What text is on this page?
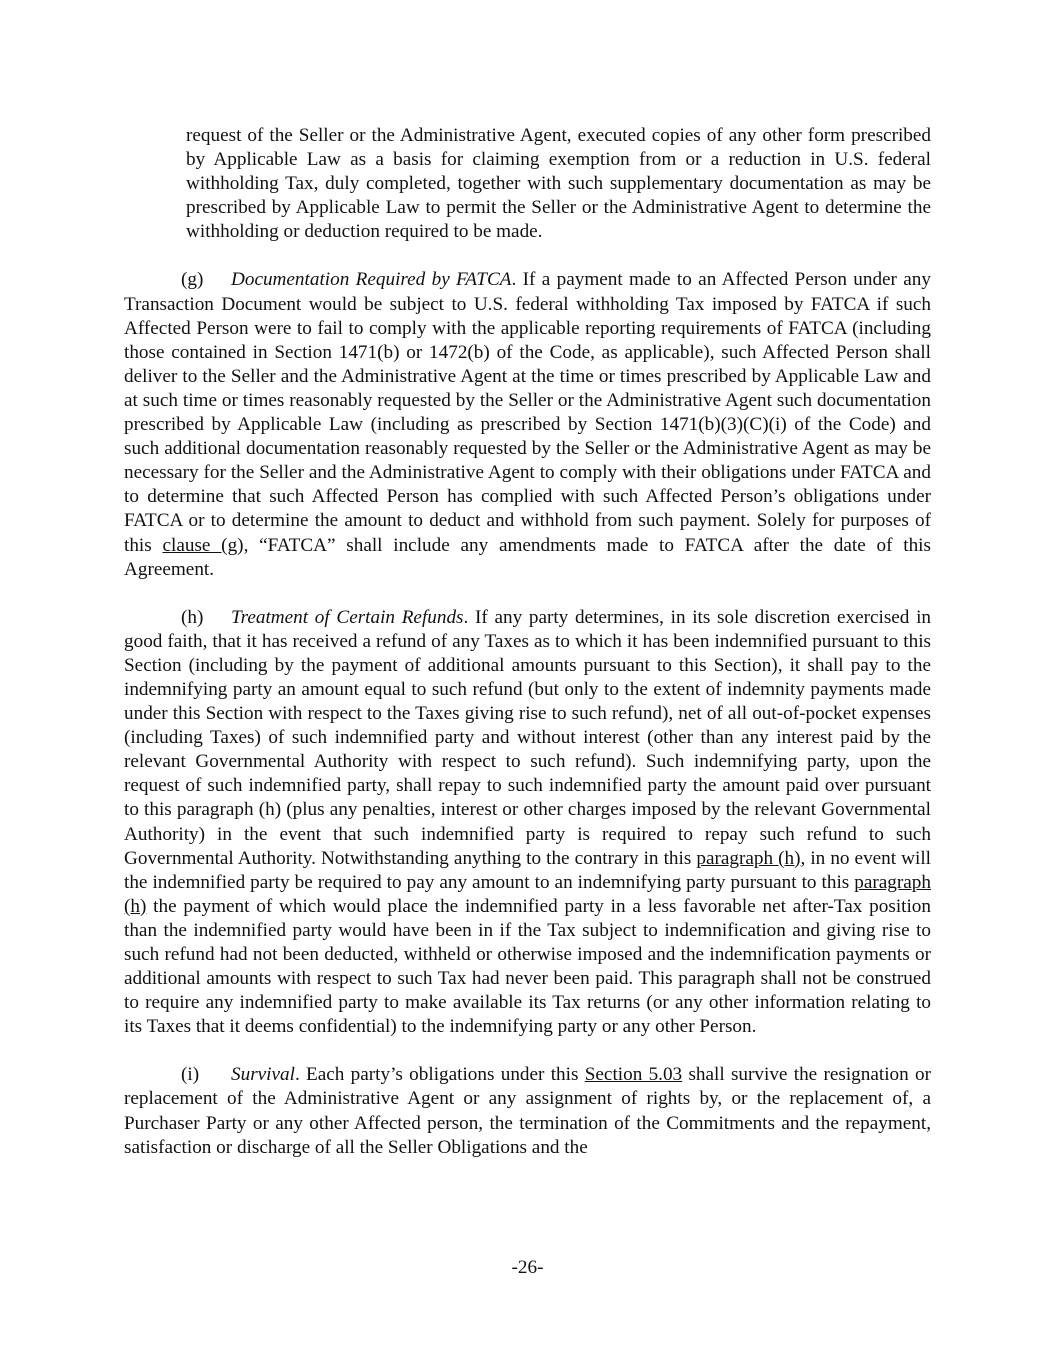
request of the Seller or the Administrative Agent, executed copies of any other form prescribed by Applicable Law as a basis for claiming exemption from or a reduction in U.S. federal withholding Tax, duly completed, together with such supplementary documentation as may be prescribed by Applicable Law to permit the Seller or the Administrative Agent to determine the withholding or deduction required to be made.

(g) Documentation Required by FATCA. If a payment made to an Affected Person under any Transaction Document would be subject to U.S. federal withholding Tax imposed by FATCA if such Affected Person were to fail to comply with the applicable reporting requirements of FATCA (including those contained in Section 1471(b) or 1472(b) of the Code, as applicable), such Affected Person shall deliver to the Seller and the Administrative Agent at the time or times prescribed by Applicable Law and at such time or times reasonably requested by the Seller or the Administrative Agent such documentation prescribed by Applicable Law (including as prescribed by Section 1471(b)(3)(C)(i) of the Code) and such additional documentation reasonably requested by the Seller or the Administrative Agent as may be necessary for the Seller and the Administrative Agent to comply with their obligations under FATCA and to determine that such Affected Person has complied with such Affected Person’s obligations under FATCA or to determine the amount to deduct and withhold from such payment. Solely for purposes of this clause (g), “FATCA” shall include any amendments made to FATCA after the date of this Agreement.

(h) Treatment of Certain Refunds. If any party determines, in its sole discretion exercised in good faith, that it has received a refund of any Taxes as to which it has been indemnified pursuant to this Section (including by the payment of additional amounts pursuant to this Section), it shall pay to the indemnifying party an amount equal to such refund (but only to the extent of indemnity payments made under this Section with respect to the Taxes giving rise to such refund), net of all out-of-pocket expenses (including Taxes) of such indemnified party and without interest (other than any interest paid by the relevant Governmental Authority with respect to such refund). Such indemnifying party, upon the request of such indemnified party, shall repay to such indemnified party the amount paid over pursuant to this paragraph (h) (plus any penalties, interest or other charges imposed by the relevant Governmental Authority) in the event that such indemnified party is required to repay such refund to such Governmental Authority. Notwithstanding anything to the contrary in this paragraph (h), in no event will the indemnified party be required to pay any amount to an indemnifying party pursuant to this paragraph (h) the payment of which would place the indemnified party in a less favorable net after-Tax position than the indemnified party would have been in if the Tax subject to indemnification and giving rise to such refund had not been deducted, withheld or otherwise imposed and the indemnification payments or additional amounts with respect to such Tax had never been paid. This paragraph shall not be construed to require any indemnified party to make available its Tax returns (or any other information relating to its Taxes that it deems confidential) to the indemnifying party or any other Person.

(i) Survival. Each party’s obligations under this Section 5.03 shall survive the resignation or replacement of the Administrative Agent or any assignment of rights by, or the replacement of, a Purchaser Party or any other Affected person, the termination of the Commitments and the repayment, satisfaction or discharge of all the Seller Obligations and the

-26-
